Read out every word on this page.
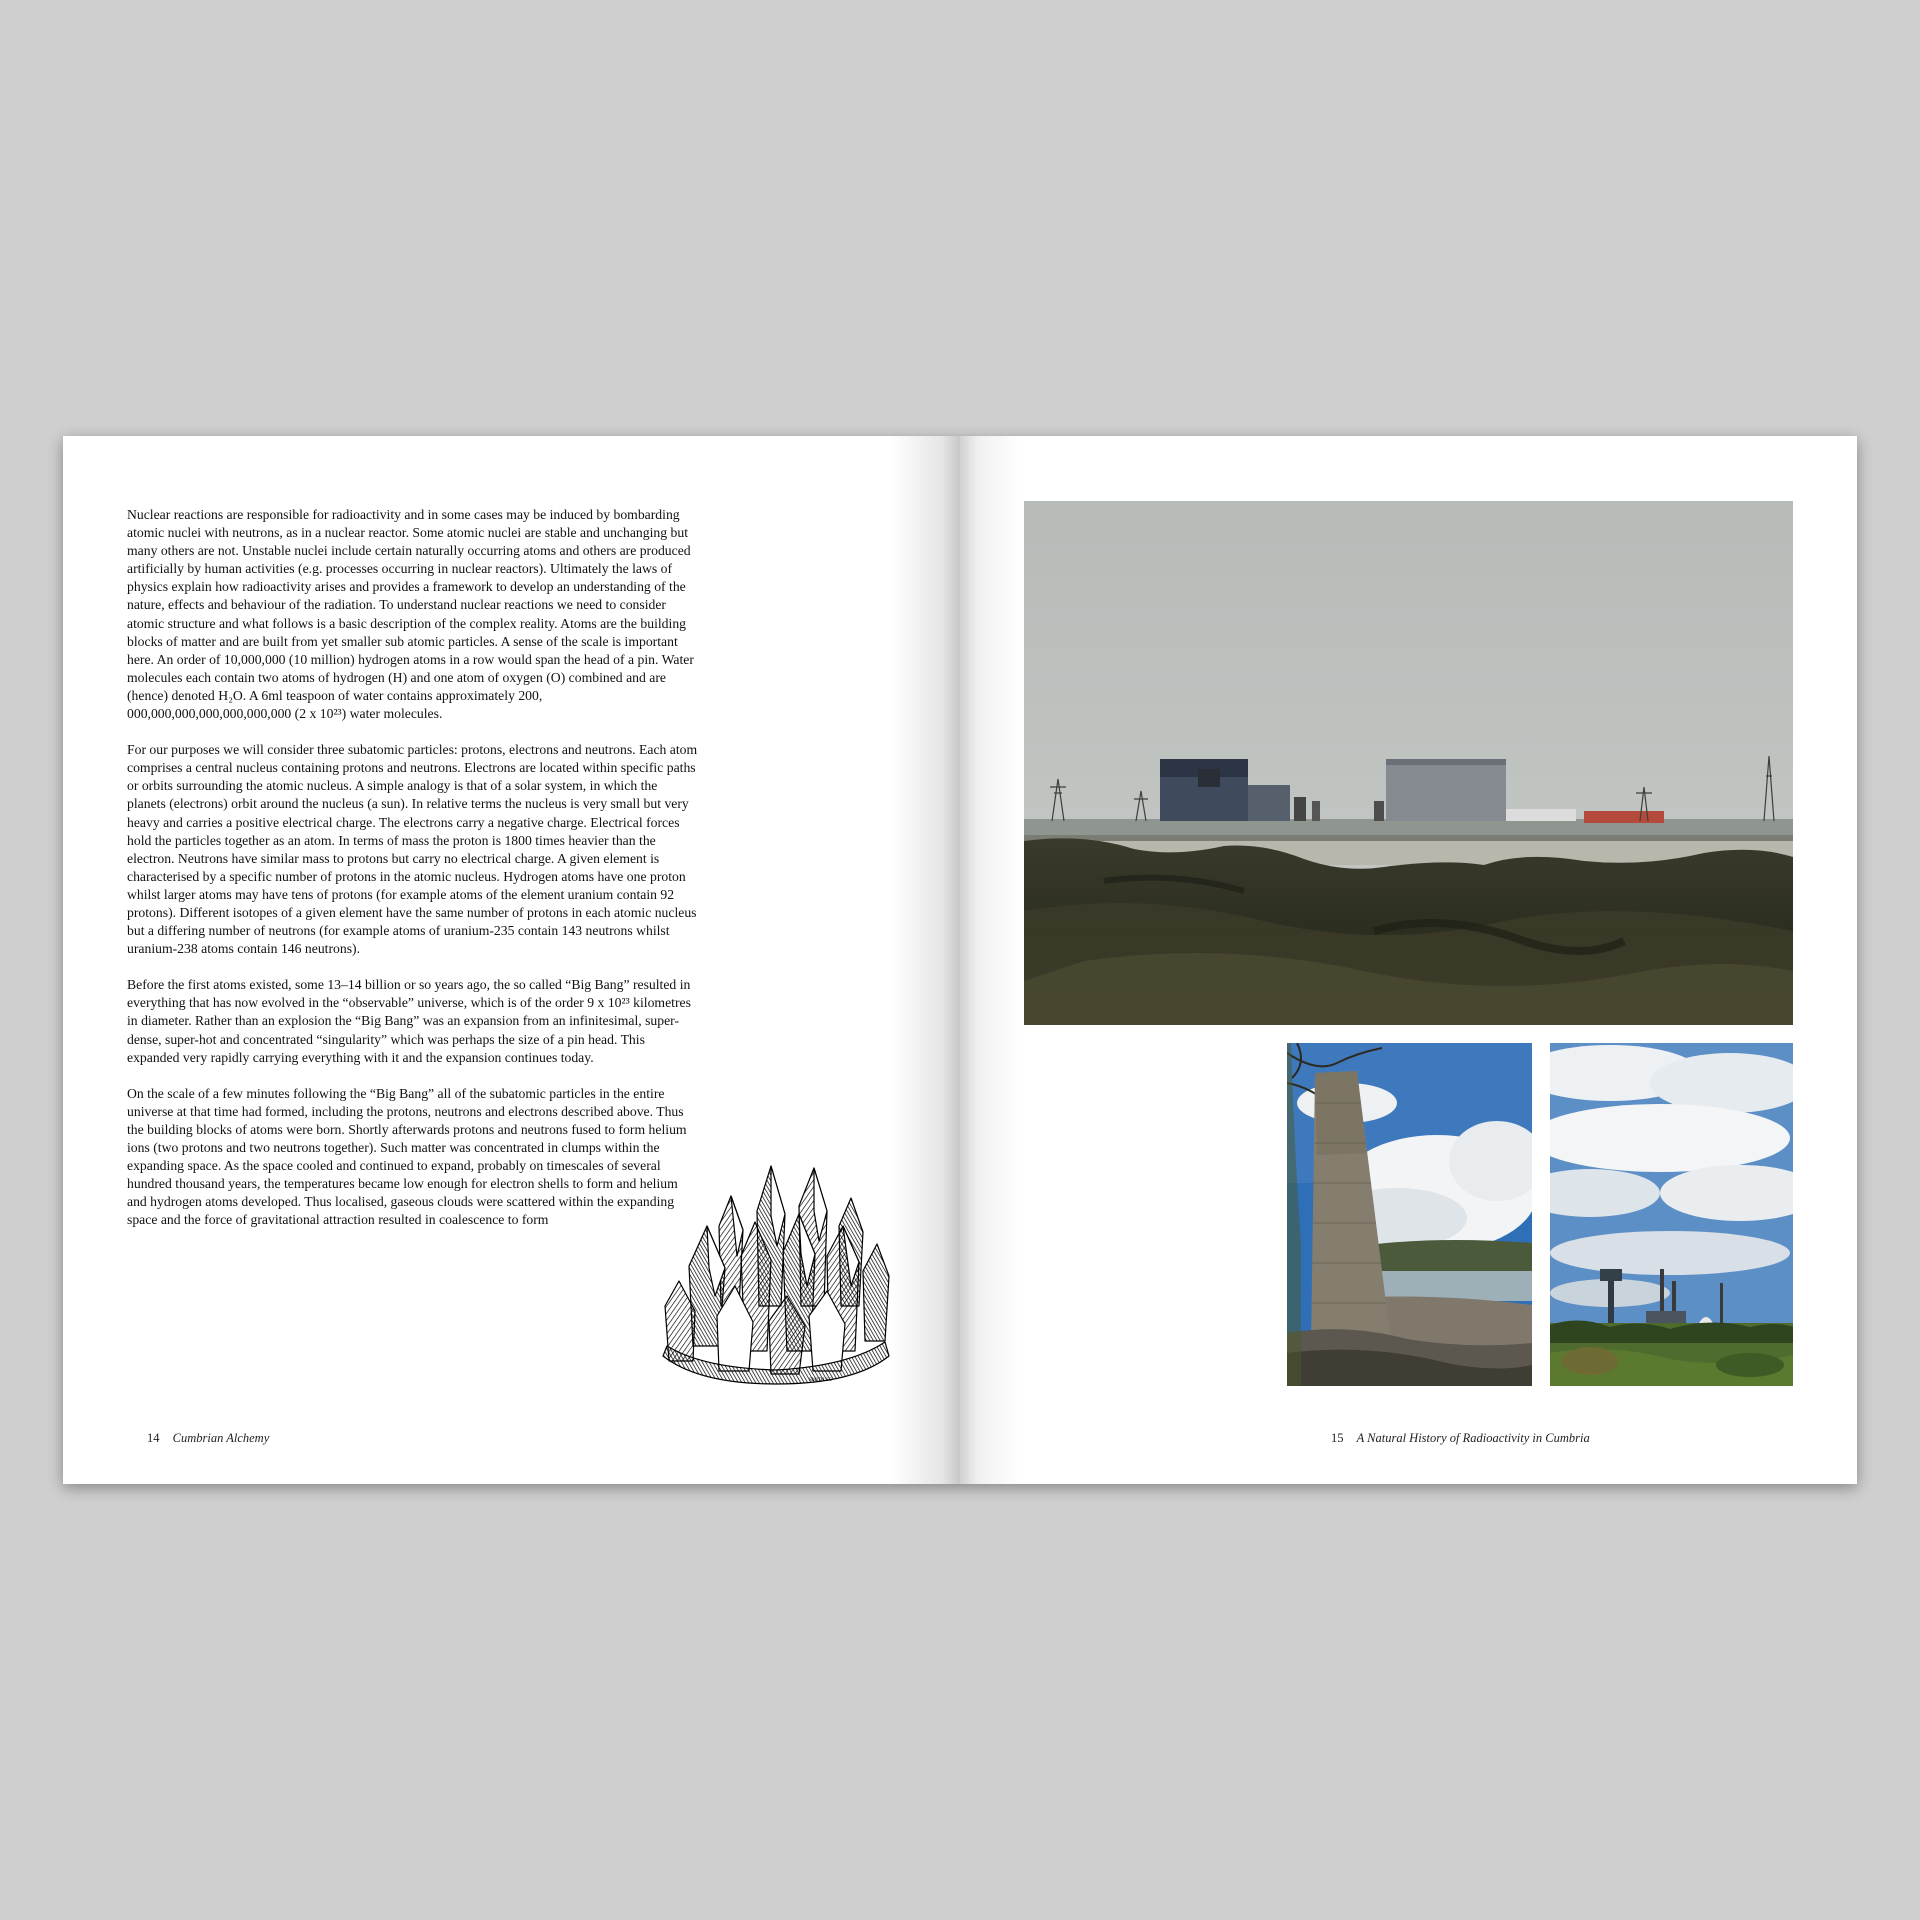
Nuclear reactions are responsible for radioactivity and in some cases may be induced by bombarding atomic nuclei with neutrons, as in a nuclear reactor. Some atomic nuclei are stable and unchanging but many others are not. Unstable nuclei include certain naturally occurring atoms and others are produced artificially by human activities (e.g. processes occurring in nuclear reactors). Ultimately the laws of physics explain how radioactivity arises and provides a framework to develop an understanding of the nature, effects and behaviour of the radiation. To understand nuclear reactions we need to consider atomic structure and what follows is a basic description of the complex reality. Atoms are the building blocks of matter and are built from yet smaller sub atomic particles. A sense of the scale is important here. An order of 10,000,000 (10 million) hydrogen atoms in a row would span the head of a pin. Water molecules each contain two atoms of hydrogen (H) and one atom of oxygen (O) combined and are (hence) denoted H₂O. A 6ml teaspoon of water contains approximately 200, 000,000,000,000,000,000,000 (2 x 10²³) water molecules.

For our purposes we will consider three subatomic particles: protons, electrons and neutrons. Each atom comprises a central nucleus containing protons and neutrons. Electrons are located within specific paths or orbits surrounding the atomic nucleus. A simple analogy is that of a solar system, in which the planets (electrons) orbit around the nucleus (a sun). In relative terms the nucleus is very small but very heavy and carries a positive electrical charge. The electrons carry a negative charge. Electrical forces hold the particles together as an atom. In terms of mass the proton is 1800 times heavier than the electron. Neutrons have similar mass to protons but carry no electrical charge. A given element is characterised by a specific number of protons in the atomic nucleus. Hydrogen atoms have one proton whilst larger atoms may have tens of protons (for example atoms of the element uranium contain 92 protons). Different isotopes of a given element have the same number of protons in each atomic nucleus but a differing number of neutrons (for example atoms of uranium-235 contain 143 neutrons whilst uranium-238 atoms contain 146 neutrons).

Before the first atoms existed, some 13–14 billion or so years ago, the so called “Big Bang” resulted in everything that has now evolved in the “observable” universe, which is of the order 9 x 10²³ kilometres in diameter. Rather than an explosion the “Big Bang” was an expansion from an infinitesimal, super-dense, super-hot and concentrated “singularity” which was perhaps the size of a pin head. This expanded very rapidly carrying everything with it and the expansion continues today.

On the scale of a few minutes following the “Big Bang” all of the subatomic particles in the entire universe at that time had formed, including the protons, neutrons and electrons described above. Thus the building blocks of atoms were born. Shortly afterwards protons and neutrons fused to form helium ions (two protons and two neutrons together). Such matter was concentrated in clumps within the expanding space. As the space cooled and continued to expand, probably on timescales of several hundred thousand years, the temperatures became low enough for electron shells to form and helium and hydrogen atoms developed. Thus localised, gaseous clouds were scattered within the expanding space and the force of gravitational attraction resulted in coalescence to form

SMITH SC
14 Cumbrian Alchemy	15 A Natural History of Radioactivity in Cumbria
